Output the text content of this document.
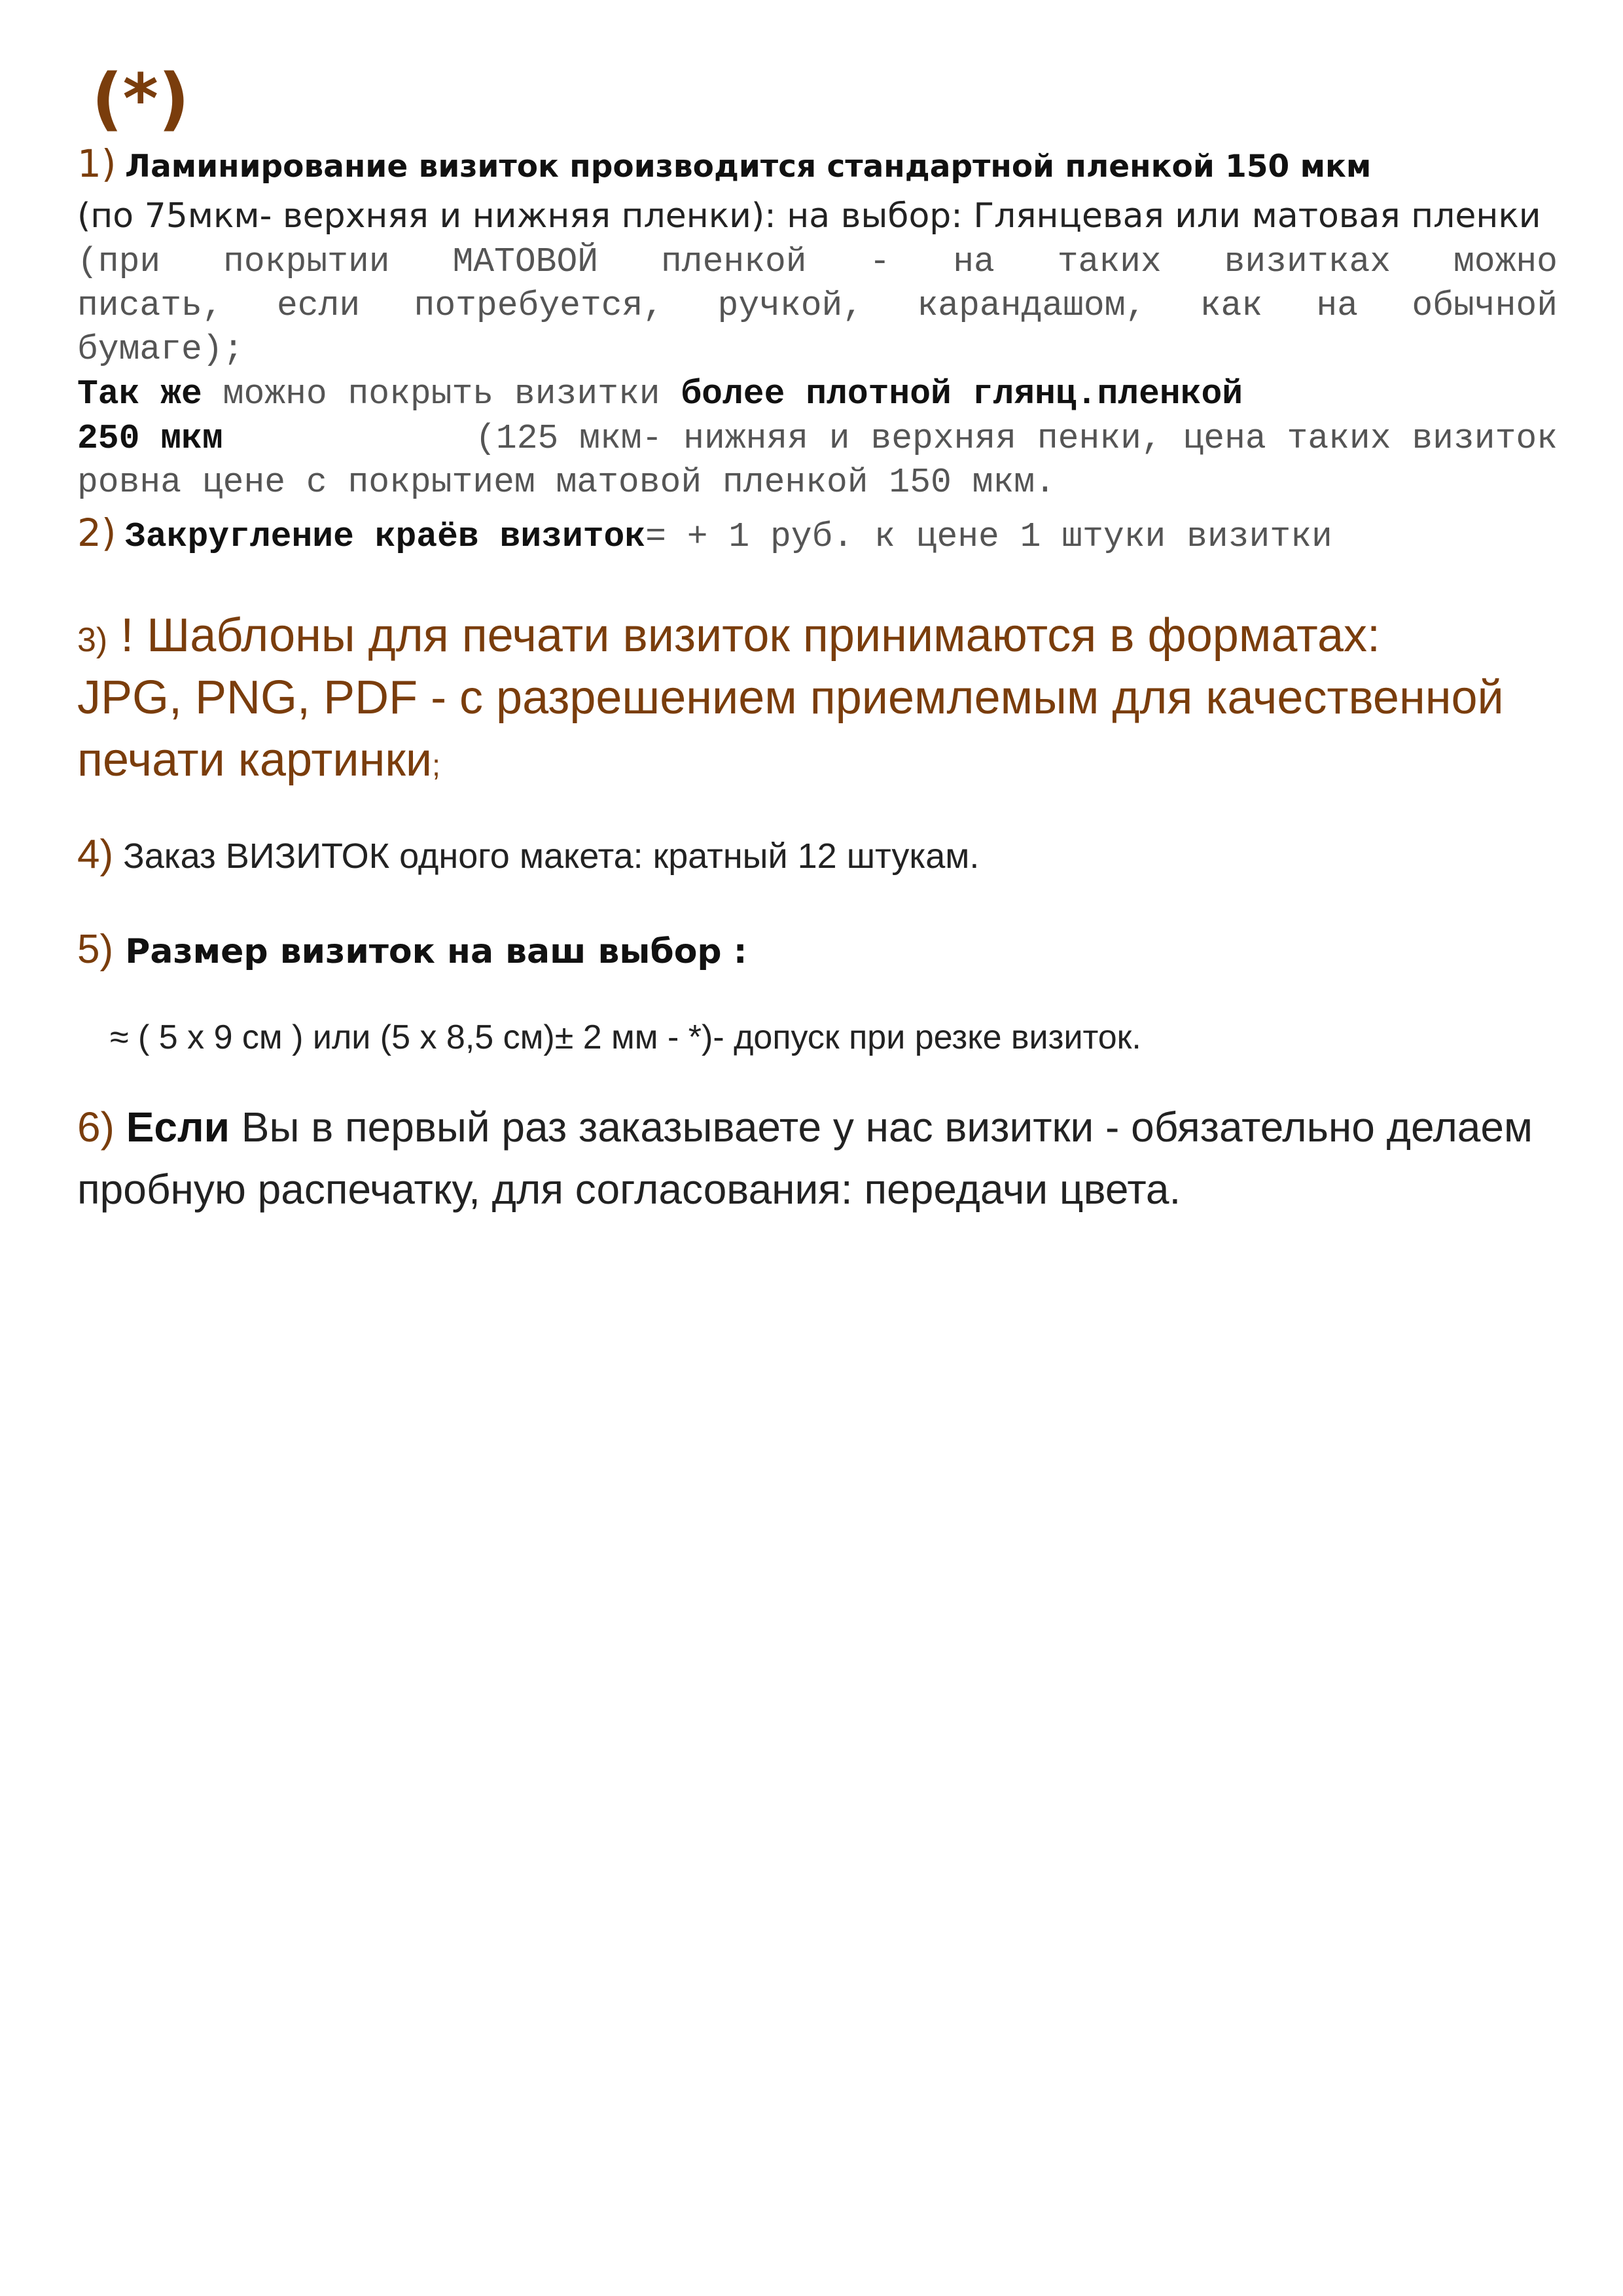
(*)

1) Ламинирование визиток производится стандартной пленкой 150 мкм

(по 75мкм- верхняя и нижняя пленки): на выбор: Глянцевая или матовая пленки

(при покрытии МАТОВОЙ пленкой - на таких визитках можно

писать, если потребуется, ручкой, карандашом, как на обычной

бумаге);

Так же можно покрыть визитки более плотной глянц.пленкой

250 мкм	(125 мкм- нижняя и верхняя пенки, цена таких визиток

ровна цене с покрытием матовой пленкой 150 мкм.

2) Закругление краёв визиток= + 1 руб. к цене 1 штуки визитки

3) ! Шаблоны для печати визиток принимаются в форматах:

JPG, PNG, PDF - с разрешением приемлемым для качественной

печати картинки;

4) Заказ ВИЗИТОК одного макета: кратный 12 штукам.

5) Размер визиток на ваш выбор :

≈ ( 5 х 9 см ) или (5 х 8,5 см)± 2 мм - *)- допуск при резке визиток.

6) Если Вы в первый раз заказываете у нас визитки - обязательно делаем

пробную распечатку, для согласования: передачи цвета.
